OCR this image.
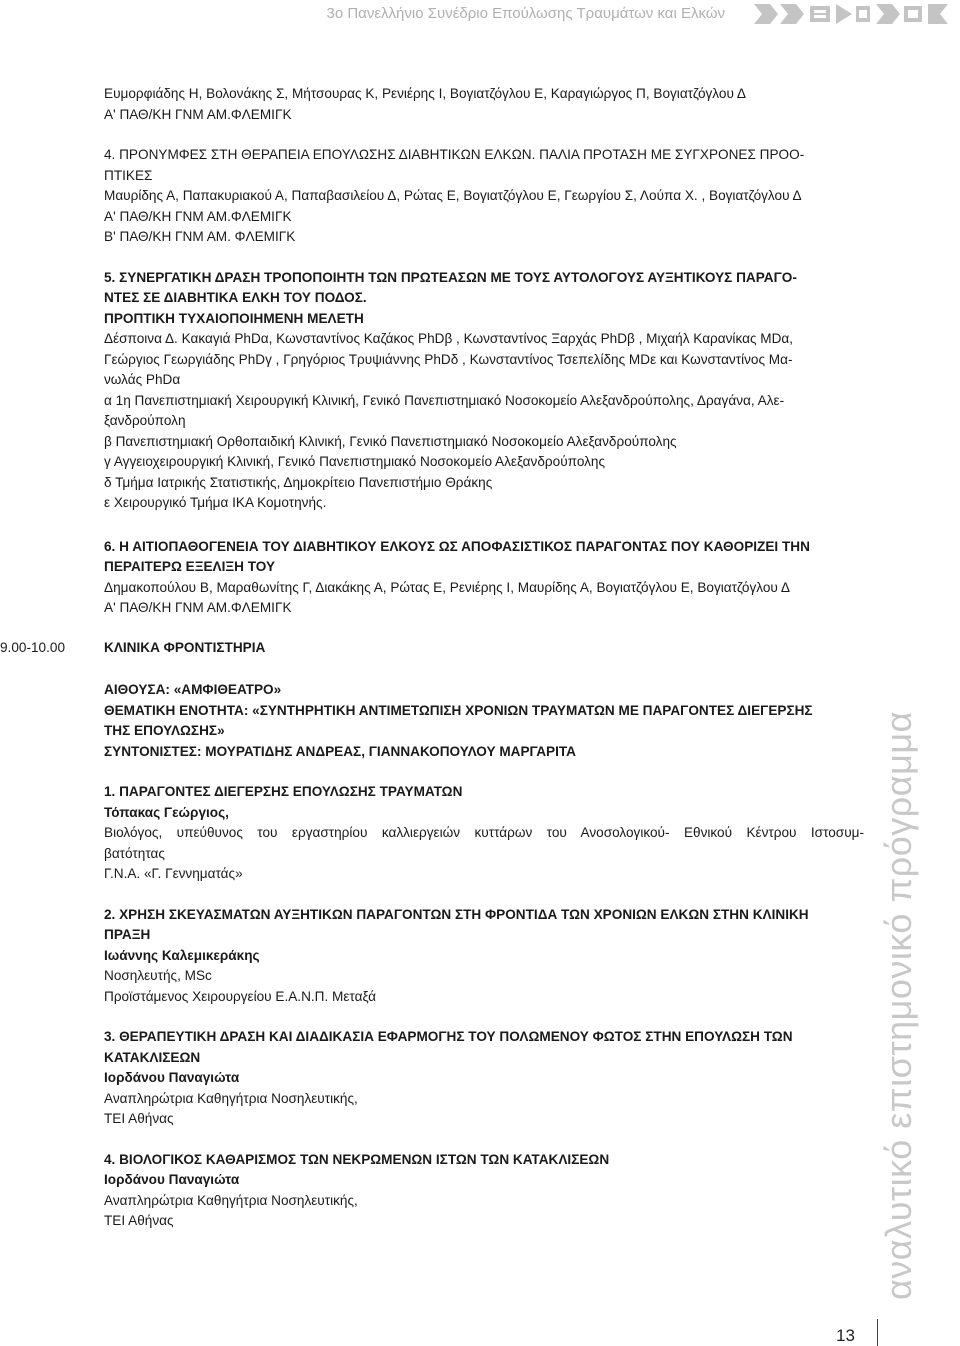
3ο Πανελλήνιο Συνέδριο Επούλωσης Τραυμάτων και Ελκών

Ευμορφιάδης Η, Βολονάκης Σ, Μήτσουρας Κ, Ρενιέρης Ι, Βογιατζόγλου Ε, Καραγιώργος Π, Βογιατζόγλου Δ

Α' ΠΑΘ/ΚΗ ΓΝΜ ΑΜ.ΦΛΕΜΙΓΚ

4. ΠΡΟΝΥΜΦΕΣ ΣΤΗ ΘΕΡΑΠΕΙΑ ΕΠΟΥΛΩΣΗΣ ΔΙΑΒΗΤΙΚΩΝ ΕΛΚΩΝ. ΠΑΛΙΑ ΠΡΟΤΑΣΗ ΜΕ ΣΥΓΧΡΟΝΕΣ ΠΡΟΟ-

ΠΤΙΚΕΣ

Μαυρίδης Α, Παπακυριακού Α, Παπαβασιλείου Δ, Ρώτας Ε, Βογιατζόγλου Ε, Γεωργίου Σ, Λούπα Χ. , Βογιατζόγλου Δ

Α' ΠΑΘ/ΚΗ ΓΝΜ ΑΜ.ΦΛΕΜΙΓΚ

Β' ΠΑΘ/ΚΗ ΓΝΜ ΑΜ. ΦΛΕΜΙΓΚ

5. ΣΥΝΕΡΓΑΤΙΚΗ ΔΡΑΣΗ ΤΡΟΠΟΠΟΙΗΤΗ ΤΩΝ ΠΡΩΤΕΑΣΩΝ ΜΕ ΤΟΥΣ ΑΥΤΟΛΟΓΟΥΣ ΑΥΞΗΤΙΚΟΥΣ ΠΑΡΑΓΟ-

ΝΤΕΣ ΣΕ ΔΙΑΒΗΤΙΚΑ ΕΛΚΗ ΤΟΥ ΠΟΔΟΣ.

ΠΡΟΠΤΙΚΗ ΤΥΧΑΙΟΠΟΙΗΜΕΝΗ ΜΕΛΕΤΗ

Δέσποινα Δ. Κακαγιά PhDα, Κωνσταντίνος Καζάκος PhDβ , Κωνσταντίνος Ξαρχάς PhDβ , Μιχαήλ Καρανίκας MDα,

Γεώργιος Γεωργιάδης PhDγ , Γρηγόριος Τρυψιάννης PhDδ , Κωνσταντίνος Τσεπελίδης MDε και Κωνσταντίνος Μα-

νωλάς PhDα

α 1η Πανεπιστημιακή Χειρουργική Κλινική, Γενικό Πανεπιστημιακό Νοσοκομείο Αλεξανδρούπολης, Δραγάνα, Αλε-

ξανδρούπολη

β Πανεπιστημιακή Ορθοπαιδική Κλινική, Γενικό Πανεπιστημιακό Νοσοκομείο Αλεξανδρούπολης

γ Αγγειοχειρουργική Κλινική, Γενικό Πανεπιστημιακό Νοσοκομείο Αλεξανδρούπολης

δ Τμήμα Ιατρικής Στατιστικής, Δημοκρίτειο Πανεπιστήμιο Θράκης

ε Χειρουργικό Τμήμα ΙΚΑ Κομοτηνής.

6. Η ΑΙΤΙΟΠΑΘΟΓΕΝΕΙΑ ΤΟΥ ΔΙΑΒΗΤΙΚΟΥ ΕΛΚΟΥΣ ΩΣ ΑΠΟΦΑΣΙΣΤΙΚΟΣ ΠΑΡΑΓΟΝΤΑΣ ΠΟΥ ΚΑΘΟΡΙΖΕΙ ΤΗΝ

ΠΕΡΑΙΤΕΡΩ ΕΞΕΛΙΞΗ ΤΟΥ

Δημακοπούλου Β, Μαραθωνίτης Γ, Διακάκης Α, Ρώτας Ε, Ρενιέρης Ι, Μαυρίδης Α, Βογιατζόγλου Ε, Βογιατζόγλου Δ

Α' ΠΑΘ/ΚΗ ΓΝΜ ΑΜ.ΦΛΕΜΙΓΚ

9.00-10.00	ΚΛΙΝΙΚΑ ΦΡΟΝΤΙΣΤΗΡΙΑ

ΑΙΘΟΥΣΑ: «ΑΜΦΙΘΕΑΤΡΟ»

ΘΕΜΑΤΙΚΗ ΕΝΟΤΗΤΑ: «ΣΥΝΤΗΡΗΤΙΚΗ ΑΝΤΙΜΕΤΩΠΙΣΗ ΧΡΟΝΙΩΝ ΤΡΑΥΜΑΤΩΝ ΜΕ ΠΑΡΑΓΟΝΤΕΣ ΔΙΕΓΕΡΣΗΣ

ΤΗΣ ΕΠΟΥΛΩΣΗΣ»

ΣΥΝΤΟΝΙΣΤΕΣ: ΜΟΥΡΑΤΙΔΗΣ ΑΝΔΡΕΑΣ, ΓΙΑΝΝΑΚΟΠΟΥΛΟΥ ΜΑΡΓΑΡΙΤΑ

1. ΠΑΡΑΓΟΝΤΕΣ ΔΙΕΓΕΡΣΗΣ ΕΠΟΥΛΩΣΗΣ ΤΡΑΥΜΑΤΩΝ

Τόπακας Γεώργιος,

Βιολόγος, υπεύθυνος του εργαστηρίου καλλιεργειών κυττάρων του Ανοσολογικού- Εθνικού Κέντρου Ιστοσυμ-

βατότητας

Γ.Ν.Α. «Γ. Γεννηματάς»

2. ΧΡΗΣΗ ΣΚΕΥΑΣΜΑΤΩΝ ΑΥΞΗΤΙΚΩΝ ΠΑΡΑΓΟΝΤΩΝ ΣΤΗ ΦΡΟΝΤΙΔΑ ΤΩΝ ΧΡΟΝΙΩΝ ΕΛΚΩΝ ΣΤΗΝ ΚΛΙΝΙΚΗ

ΠΡΑΞΗ

Ιωάννης Καλεμικεράκης

Νοσηλευτής, MSc

Προϊστάμενος Χειρουργείου Ε.Α.Ν.Π. Μεταξά

3. ΘΕΡΑΠΕΥΤΙΚΗ ΔΡΑΣΗ ΚΑΙ ΔΙΑΔΙΚΑΣΙΑ ΕΦΑΡΜΟΓΗΣ ΤΟΥ ΠΟΛΩΜΕΝΟΥ ΦΩΤΟΣ ΣΤΗΝ ΕΠΟΥΛΩΣΗ ΤΩΝ

ΚΑΤΑΚΛΙΣΕΩΝ

Ιορδάνου Παναγιώτα

Αναπληρώτρια Καθηγήτρια Νοσηλευτικής,

ΤΕΙ Αθήνας

4. ΒΙΟΛΟΓΙΚΟΣ ΚΑΘΑΡΙΣΜΟΣ ΤΩΝ ΝΕΚΡΩΜΕΝΩΝ ΙΣΤΩΝ ΤΩΝ ΚΑΤΑΚΛΙΣΕΩΝ

Ιορδάνου Παναγιώτα

Αναπληρώτρια Καθηγήτρια Νοσηλευτικής,

ΤΕΙ Αθήνας	αναλυτικό επιστημονικό πρόγραμμα
13
